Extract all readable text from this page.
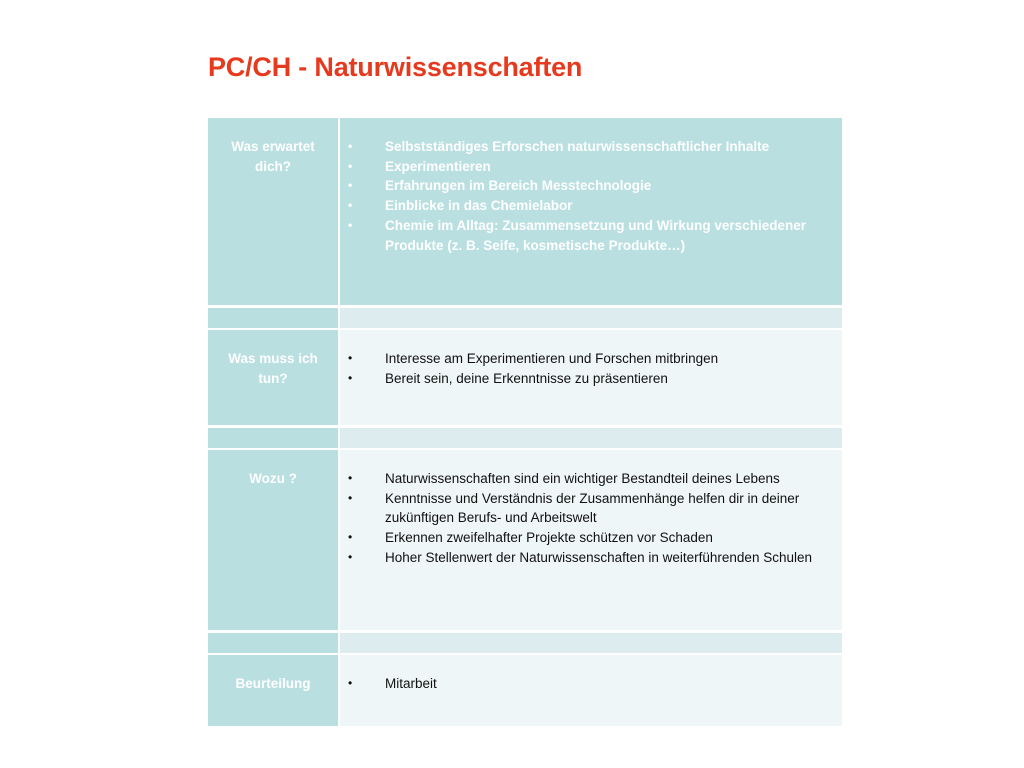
PC/CH - Naturwissenschaften
Was erwartet
dich?
• Selbstständiges Erforschen naturwissenschaftlicher Inhalte
• Experimentieren
• Erfahrungen im Bereich Messtechnologie
• Einblicke in das Chemielabor
• Chemie im Alltag: Zusammensetzung und Wirkung verschiedener Produkte (z. B. Seife, kosmetische Produkte…)
Was muss ich
tun?
• Interesse am Experimentieren und Forschen mitbringen
• Bereit sein, deine Erkenntnisse zu präsentieren
Wozu ?	• Naturwissenschaften sind ein wichtiger Bestandteil deines Lebens
• Kenntnisse und Verständnis der Zusammenhänge helfen dir in deiner zukünftigen Berufs- und Arbeitswelt
• Erkennen zweifelhafter Projekte schützen vor Schaden
• Hoher Stellenwert der Naturwissenschaften in weiterführenden Schulen
Beurteilung	• Mitarbeit
